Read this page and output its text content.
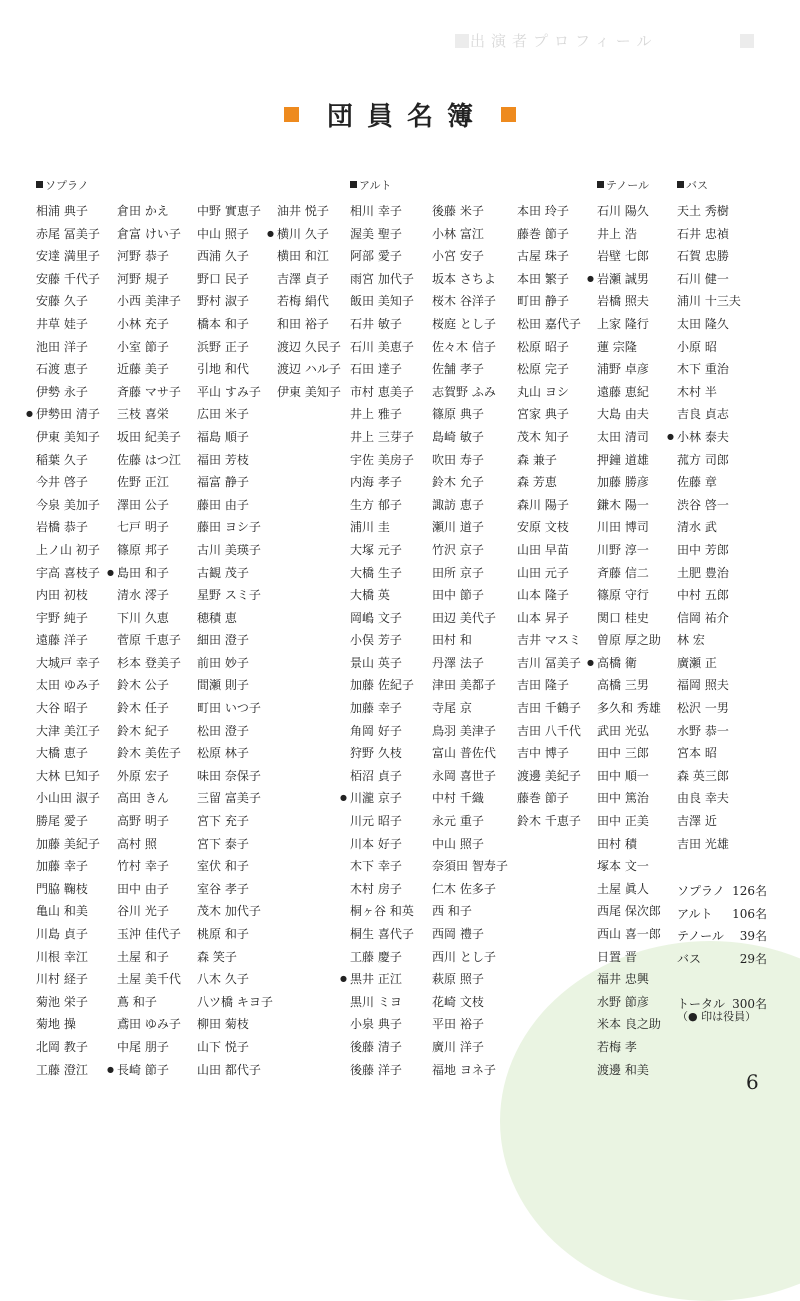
出演者プロフィール
団員名簿
ソプラノ	アルト	テノール	バス
相浦 典子
赤尾 冨美子
安達 満里子
安藤 千代子
安藤 久子
井草 娃子
池田 洋子
石渡 恵子
伊勢 永子
● 伊勢田 清子
伊東 美知子
稲葉 久子
今井 啓子
今泉 美加子
岩橋 恭子
上ノ山 初子
宇高 喜枝子
内田 初枝
宇野 純子
遠藤 洋子
大城戸 幸子
太田 ゆみ子
大谷 昭子
大津 美江子
大橋 恵子
大林 巳知子
小山田 淑子
勝尾 愛子
加藤 美紀子
加藤 幸子
門脇 鞠枝
亀山 和美
川島 貞子
川根 幸江
川村 経子
菊池 栄子
菊地 操
北岡 教子
工藤 澄江
倉田 かえ
倉富 けい子
河野 恭子
河野 規子
小西 美津子
小林 充子
小室 節子
近藤 美子
斉藤 マサ子
三枝 喜栄
坂田 紀美子
佐藤 はつ江
佐野 正江
澤田 公子
七戸 明子
篠原 邦子
● 島田 和子
清水 澪子
下川 久恵
菅原 千恵子
杉本 登美子
鈴木 公子
鈴木 任子
鈴木 紀子
鈴木 美佐子
外原 宏子
高田 きん
高野 明子
高村 照
竹村 幸子
田中 由子
谷川 光子
玉沖 佳代子
土屋 和子
土屋 美千代
蔦 和子
鳶田 ゆみ子
中尾 朋子
● 長崎 節子
中野 實恵子
中山 照子
西浦 久子
野口 民子
野村 淑子
橋本 和子
浜野 正子
引地 和代
平山 すみ子
広田 米子
福島 順子
福田 芳枝
福富 静子
藤田 由子
藤田 ヨシ子
古川 美瑛子
古観 茂子
星野 スミ子
穂積 恵
細田 澄子
前田 妙子
間瀬 則子
町田 いつ子
松田 澄子
松原 林子
味田 奈保子
三留 富美子
宮下 充子
宮下 泰子
室伏 和子
室谷 孝子
茂木 加代子
桃原 和子
森 笑子
八木 久子
八ツ橋 キヨ子
柳田 菊枝
山下 悦子
山田 都代子
油井 悦子
● 横川 久子
横田 和江
吉澤 貞子
若梅 絹代
和田 裕子
渡辺 久民子
渡辺 ハル子
伊東 美知子
相川 幸子
渥美 聖子
阿部 愛子
雨宮 加代子
飯田 美知子
石井 敏子
石川 美恵子
石田 達子
市村 恵美子
井上 雅子
井上 三芽子
宇佐 美房子
内海 孝子
生方 郁子
浦川 圭
大塚 元子
大橋 生子
大橋 英
岡嶋 文子
小俣 芳子
景山 英子
加藤 佐紀子
加藤 幸子
角岡 好子
狩野 久枝
栢沼 貞子
● 川瀧 京子
川元 昭子
川本 好子
木下 幸子
木村 房子
桐ヶ谷 和英
桐生 喜代子
工藤 慶子
● 黒井 正江
黒川 ミヨ
小泉 典子
後藤 清子
後藤 洋子
後藤 米子
小林 富江
小宮 安子
坂本 さちよ
桜木 谷洋子
桜庭 とし子
佐々木 信子
佐舗 孝子
志賀野 ふみ
篠原 典子
島崎 敏子
吹田 寿子
鈴木 允子
諏訪 恵子
瀬川 道子
竹沢 京子
田所 京子
田中 節子
田辺 美代子
田村 和
丹澤 法子
津田 美都子
寺尾 京
鳥羽 美津子
富山 普佐代
永岡 喜世子
中村 千織
永元 重子
中山 照子
奈須田 智寿子
仁木 佐多子
西 和子
西岡 禮子
西川 とし子
萩原 照子
花崎 文枝
平田 裕子
廣川 洋子
福地 ヨネ子
本田 玲子
藤巻 節子
古屋 珠子
本田 繁子
町田 静子
松田 嘉代子
松原 昭子
松原 完子
丸山 ヨシ
宮家 典子
茂木 知子
森 兼子
森 芳恵
森川 陽子
安原 文枝
山田 早苗
山田 元子
山本 隆子
山本 昇子
吉井 マスミ
吉川 冨美子
吉田 隆子
吉田 千鶴子
吉田 八千代
吉中 博子
渡邊 美紀子
藤巻 節子
鈴木 千恵子
石川 陽久
井上 浩
岩壁 七郎
● 岩瀬 誠男
岩橋 照夫
上家 隆行
蓮 宗隆
浦野 卓彦
遠藤 恵紀
大島 由夫
太田 清司
押鐘 道雄
加藤 勝彦
鎌木 陽一
川田 博司
川野 淳一
斉藤 信二
篠原 守行
関口 桂史
曽原 厚之助
● 高橋 衛
高橋 三男
多久和 秀雄
武田 光弘
田中 三郎
田中 順一
田中 篤治
田中 正美
田村 積
塚本 文一
土屋 眞人
西尾 保次郎
西山 喜一郎
日置 晋
福井 忠興
水野 節彦
米本 良之助
若梅 孝
渡邊 和美
天土 秀樹
石井 忠禎
石賀 忠勝
石川 健一
浦川 十三夫
太田 隆久
小原 昭
木下 重治
木村 半
吉良 貞志
● 小林 泰夫
菰方 司郎
佐藤 章
渋谷 啓一
清水 武
田中 芳郎
土肥 豊治
中村 五郎
信岡 祐介
林 宏
廣瀬 正
福岡 照夫
松沢 一男
水野 恭一
宮本 昭
森 英三郎
由良 幸夫
吉澤 近
吉田 光雄
ソプラノ 126名
アルト 106名
テノール 39名
バス	29名
トータル 300名
（● 印は役員）
6
